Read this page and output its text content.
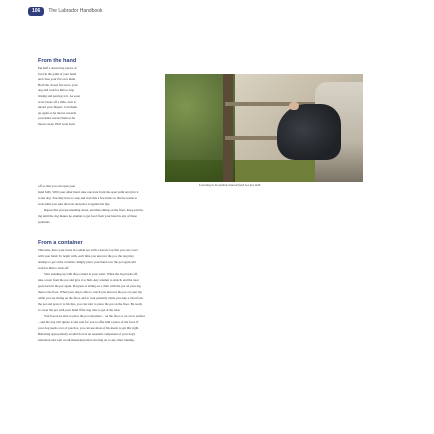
106	The Labrador Handbook
From the hand

Put half a dozen tiny pieces of

food in the palm of your hand

and close your fist over them.

Hold the closed fist out to your

dog and wait for him to stop

licking and pawing at it. As soon

as he backs off a little, start to

uncurl your fingers. Curl them

up again as he moves towards

your hand, uncurl them as he

moves away. He'll soon back

Learning to be patient around food is a key skill.

off so that you can open your

hand fully. With your other hand, take one treat from the open palm and give it

to the dog. You may have to stop and start this a few times so that he learns to

wait while you take the treat and place it against his lips.

Repeat this process kneeling down, and then sitting on the floor. Keep practis-

ing until the dog makes no attempt to get food from your hand in any of these

positions.

From a container

This time, have your treats in a small pot with a narrow top that you can cover

with your hand. To begin with, each time you uncover the pot, the dog may

attempt to get at the contents. Simply place your hand over the pot again and

wait for him to back off.

Start standing up with the pot held at your waist. When the dog backs off,

take a treat from the pot and give it to him. Any attempt to snatch, and the treat

goes back in the pot again. Progress to sitting on a chair with the pot on your lap,

then to the floor. When your dog is able to watch you uncover the pot on your lap

while you are sitting on the floor, and to wait patiently while you take a treat from

the pot and press it to his lips, you can start to place the pot on the floor. Be ready

to cover the pot with your hand if the dog tries to get at the treat.

You'll soon be able to place the pot anywhere – on the floor or on a low surface

– and the dog will ignore it and wait for you to offer him a piece of the food. If

your dog needs a lot of practice, you can use most of his meals to get this right.

Behaving appropriately around food is an essential component of your dog's

education and well worth mastering before moving on to any other training.
